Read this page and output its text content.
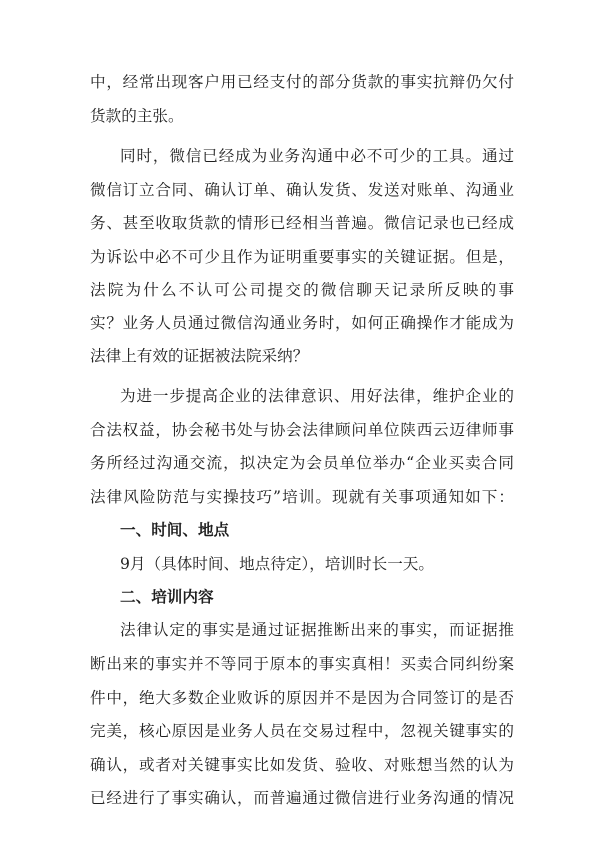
中，经常出现客户用已经支付的部分货款的事实抗辩仍欠付
货款的主张。
同时，微信已经成为业务沟通中必不可少的工具。通过
微信订立合同、确认订单、确认发货、发送对账单、沟通业
务、甚至收取货款的情形已经相当普遍。微信记录也已经成
为诉讼中必不可少且作为证明重要事实的关键证据。但是，
法院为什么不认可公司提交的微信聊天记录所反映的事
实？业务人员通过微信沟通业务时，如何正确操作才能成为
法律上有效的证据被法院采纳？
为进一步提高企业的法律意识、用好法律，维护企业的
合法权益，协会秘书处与协会法律顾问单位陕西云迈律师事
务所经过沟通交流，拟决定为会员单位举办“企业买卖合同
法律风险防范与实操技巧”培训。现就有关事项通知如下：
一、时间、地点
9月（具体时间、地点待定），培训时长一天。
二、培训内容
法律认定的事实是通过证据推断出来的事实，而证据推
断出来的事实并不等同于原本的事实真相！买卖合同纠纷案
件中，绝大多数企业败诉的原因并不是因为合同签订的是否
完美，核心原因是业务人员在交易过程中，忽视关键事实的
确认，或者对关键事实比如发货、验收、对账想当然的认为
已经进行了事实确认，而普遍通过微信进行业务沟通的情况
